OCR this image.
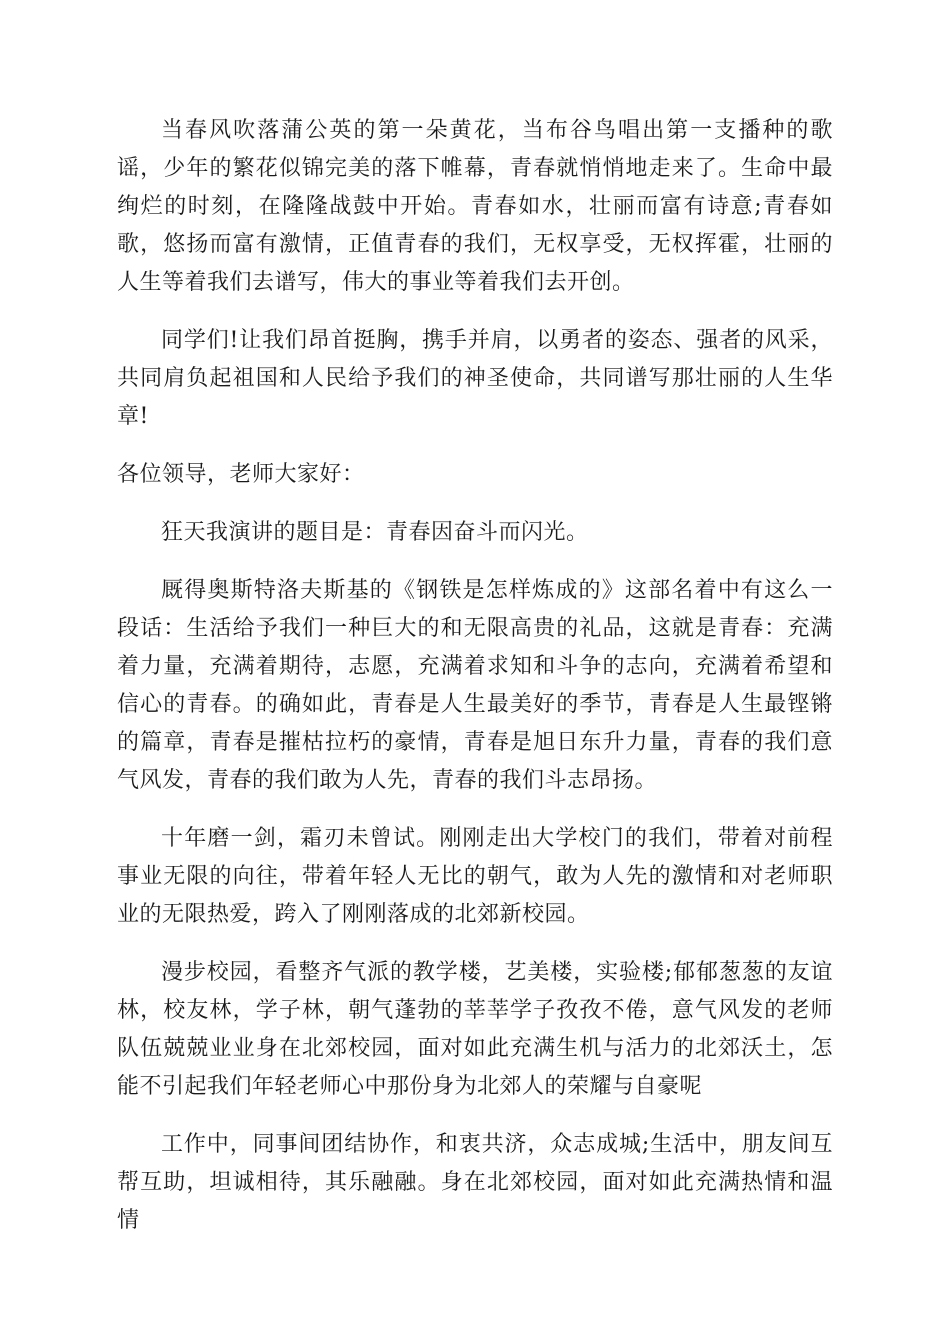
当春风吹落蒲公英的第一朵黄花，当布谷鸟唱出第一支播种的歌谣，少年的繁花似锦完美的落下帷幕，青春就悄悄地走来了。生命中最绚烂的时刻，在隆隆战鼓中开始。青春如水，壮丽而富有诗意;青春如歌，悠扬而富有激情，正值青春的我们，无权享受，无权挥霍，壮丽的人生等着我们去谱写，伟大的事业等着我们去开创。

同学们!让我们昂首挺胸，携手并肩，以勇者的姿态、强者的风采，共同肩负起祖国和人民给予我们的神圣使命，共同谱写那壮丽的人生华章!

各位领导，老师大家好：

狂天我演讲的题目是：青春因奋斗而闪光。

厩得奥斯特洛夫斯基的《钢铁是怎样炼成的》这部名着中有这么一段话：生活给予我们一种巨大的和无限高贵的礼品，这就是青春：充满着力量，充满着期待，志愿，充满着求知和斗争的志向，充满着希望和信心的青春。的确如此，青春是人生最美好的季节，青春是人生最铿锵的篇章，青春是摧枯拉朽的豪情，青春是旭日东升力量，青春的我们意气风发，青春的我们敢为人先，青春的我们斗志昂扬。

十年磨一剑，霜刃未曾试。刚刚走出大学校门的我们，带着对前程事业无限的向往，带着年轻人无比的朝气，敢为人先的激情和对老师职业的无限热爱，跨入了刚刚落成的北郊新校园。

漫步校园，看整齐气派的教学楼，艺美楼，实验楼;郁郁葱葱的友谊林，校友林，学子林，朝气蓬勃的莘莘学子孜孜不倦，意气风发的老师队伍兢兢业业身在北郊校园，面对如此充满生机与活力的北郊沃土，怎能不引起我们年轻老师心中那份身为北郊人的荣耀与自豪呢

工作中，同事间团结协作，和衷共济，众志成城;生活中，朋友间互帮互助，坦诚相待，其乐融融。身在北郊校园，面对如此充满热情和温情
